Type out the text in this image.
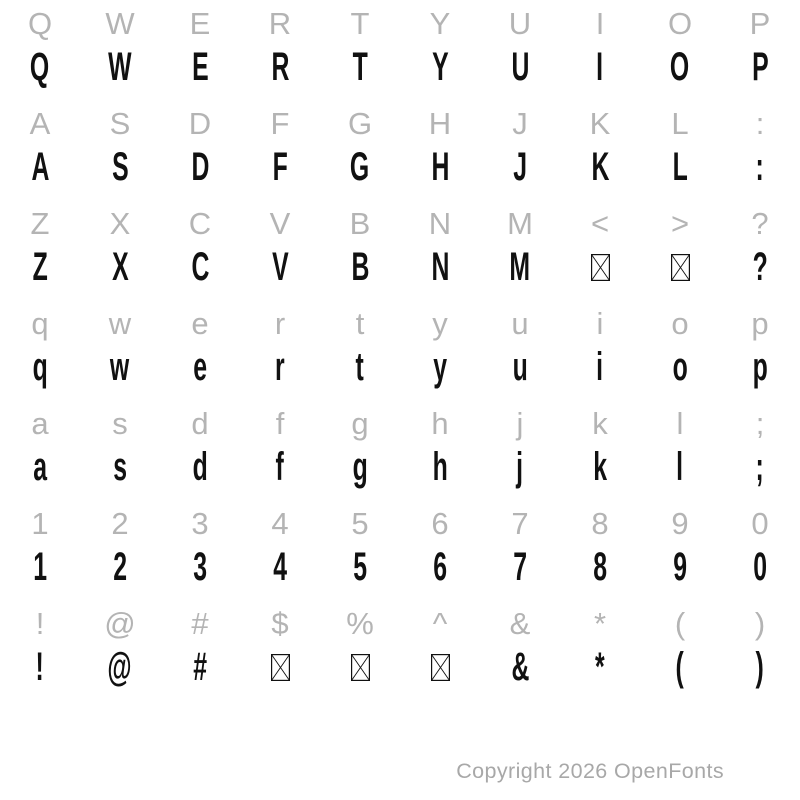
Q W E R T Y U I O P
Q W E R T Y U I O P
A S D F G H J K L :
A S D F G H J K L :
Z X C V B N M < > ?
Z X C V B N M	?
q w e r t y u i o p
q w e r t y u i o p
a s d f g h j k l ;
a s d f g h j k l ;
1 2 3 4 5 6 7 8 9 0
1 2 3 4 5 6 7 8 9 0
! @ # $ % ^ & * ( )
! @ #	& * ( )
Copyright 2026 OpenFonts
